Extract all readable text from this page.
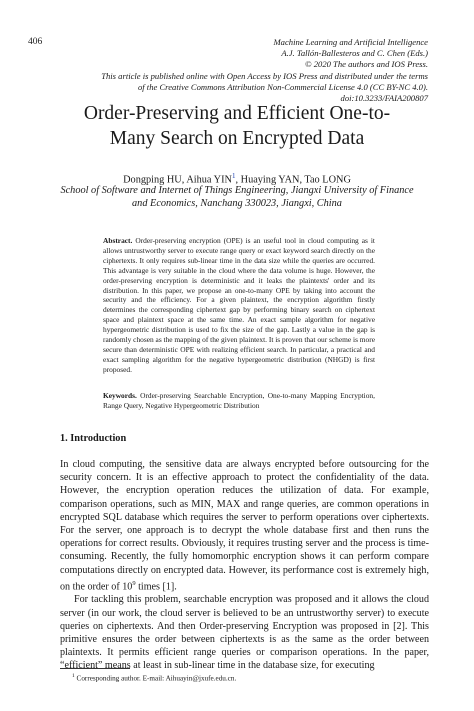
406	Machine Learning and Artificial Intelligence
A.J. Tallón-Ballesteros and C. Chen (Eds.)
© 2020 The authors and IOS Press.
This article is published online with Open Access by IOS Press and distributed under the terms
of the Creative Commons Attribution Non-Commercial License 4.0 (CC BY-NC 4.0).
doi:10.3233/FAIA200807
Order-Preserving and Efficient One-to-
Many Search on Encrypted Data
Dongping HU, Aihua YIN$^1$, Huaying YAN, Tao LONG
School of Software and Internet of Things Engineering, Jiangxi University of Finance
and Economics, Nanchang 330023, Jiangxi, China
Abstract. Order-preserving encryption (OPE) is an useful tool in cloud computing as it allows untrustworthy server to execute range query or exact keyword search directly on the ciphertexts. It only requires sub-linear time in the data size while the queries are occurred. This advantage is very suitable in the cloud where the data volume is huge. However, the order-preserving encryption is deterministic and it leaks the plaintexts' order and its distribution. In this paper, we propose an one-to-many OPE by taking into account the security and the efficiency. For a given plaintext, the encryption algorithm firstly determines the corresponding ciphertext gap by performing binary search on ciphertext space and plaintext space at the same time. An exact sample algorithm for negative hypergeometric distribution is used to fix the size of the gap. Lastly a value in the gap is randomly chosen as the mapping of the given plaintext. It is proven that our scheme is more secure than deterministic OPE with realizing efficient search. In particular, a practical and exact sampling algorithm for the negative hypergeometric distribution (NHGD) is first proposed.
Keywords. Order-preserving Searchable Encryption, One-to-many Mapping Encryption, Range Query, Negative Hypergeometric Distribution
1. Introduction

In cloud computing, the sensitive data are always encrypted before outsourcing for the security concern. It is an effective approach to protect the confidentiality of the data. However, the encryption operation reduces the utilization of data. For example, comparison operations, such as MIN, MAX and range queries, are common operations in encrypted SQL database which requires the server to perform operations over ciphertexts. For the server, one approach is to decrypt the whole database first and then runs the operations for correct results. Obviously, it requires trusting server and the process is time-consuming. Recently, the fully homomorphic encryption shows it can perform compare computations directly on encrypted data. However, its performance cost is extremely high, on the order of $10^9$ times [1].

For tackling this problem, searchable encryption was proposed and it allows the cloud server (in our work, the cloud server is believed to be an untrustworthy server) to execute queries on ciphertexts. And then Order-preserving Encryption was proposed in [2]. This primitive ensures the order between ciphertexts is as the same as the order between plaintexts. It permits efficient range queries or comparison operations. In the paper, “efficient” means at least in sub-linear time in the database size, for executing

$^1$ Corresponding author. E-mail: Aihuayin@jxufe.edu.cn.
